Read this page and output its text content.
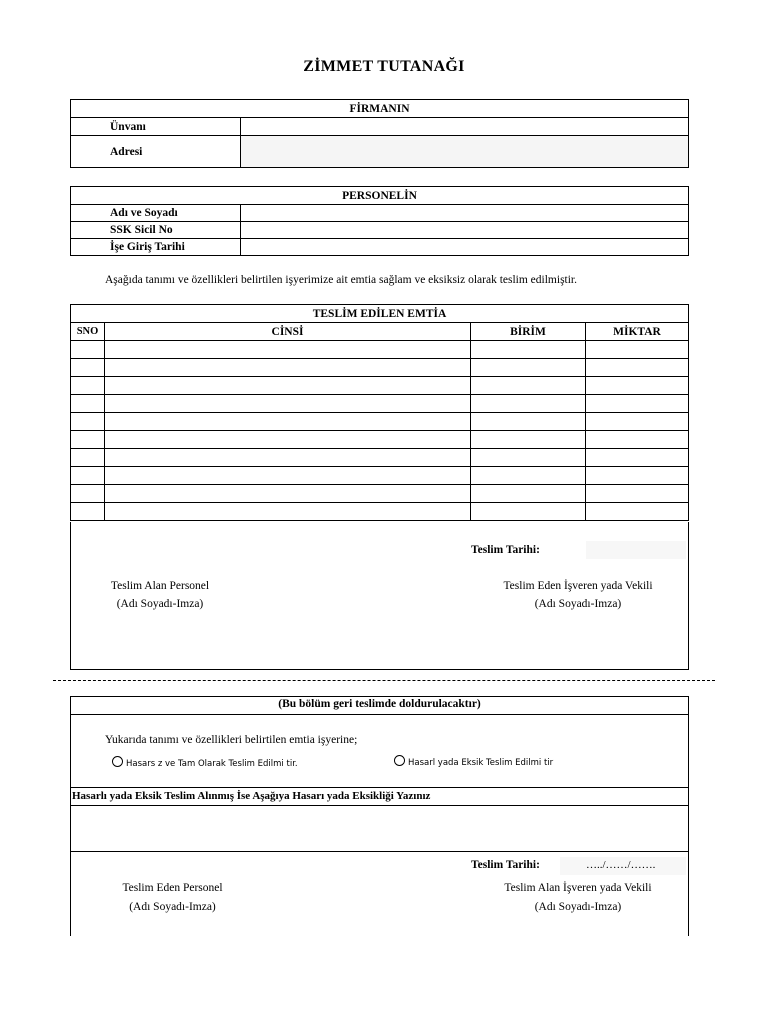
ZİMMET TUTANAĞI
FİRMANIN	
Ünvanı	
Adresi	
PERSONELİN	
Adı ve Soyadı	
SSK Sicil No	
İşe Giriş Tarihi	
Aşağıda tanımı ve özellikleri belirtilen işyerimize ait emtia sağlam ve eksiksiz olarak teslim edilmiştir.
TESLİM EDİLEN EMTİA			
SNO	CİNSİ	BİRİM	MİKTAR

Teslim Tarihi:
Teslim Alan Personel
(Adı Soyadı-Imza)
Teslim Eden İşveren yada Vekili
(Adı Soyadı-Imza)
(Bu bölüm geri teslimde doldurulacaktır)
Yukarıda tanımı ve özellikleri belirtilen emtia işyerine;
Hasars z ve Tam Olarak Teslim Edilmi tir.	Hasarl yada Eksik Teslim Edilmi tir
Hasarlı yada Eksik Teslim Alınmış İse Aşağıya Hasarı yada Eksikliği Yazınız
Teslim Tarihi:	…../……/…….
Teslim Eden Personel
(Adı Soyadı-Imza)
Teslim Alan İşveren yada Vekili
(Adı Soyadı-Imza)
